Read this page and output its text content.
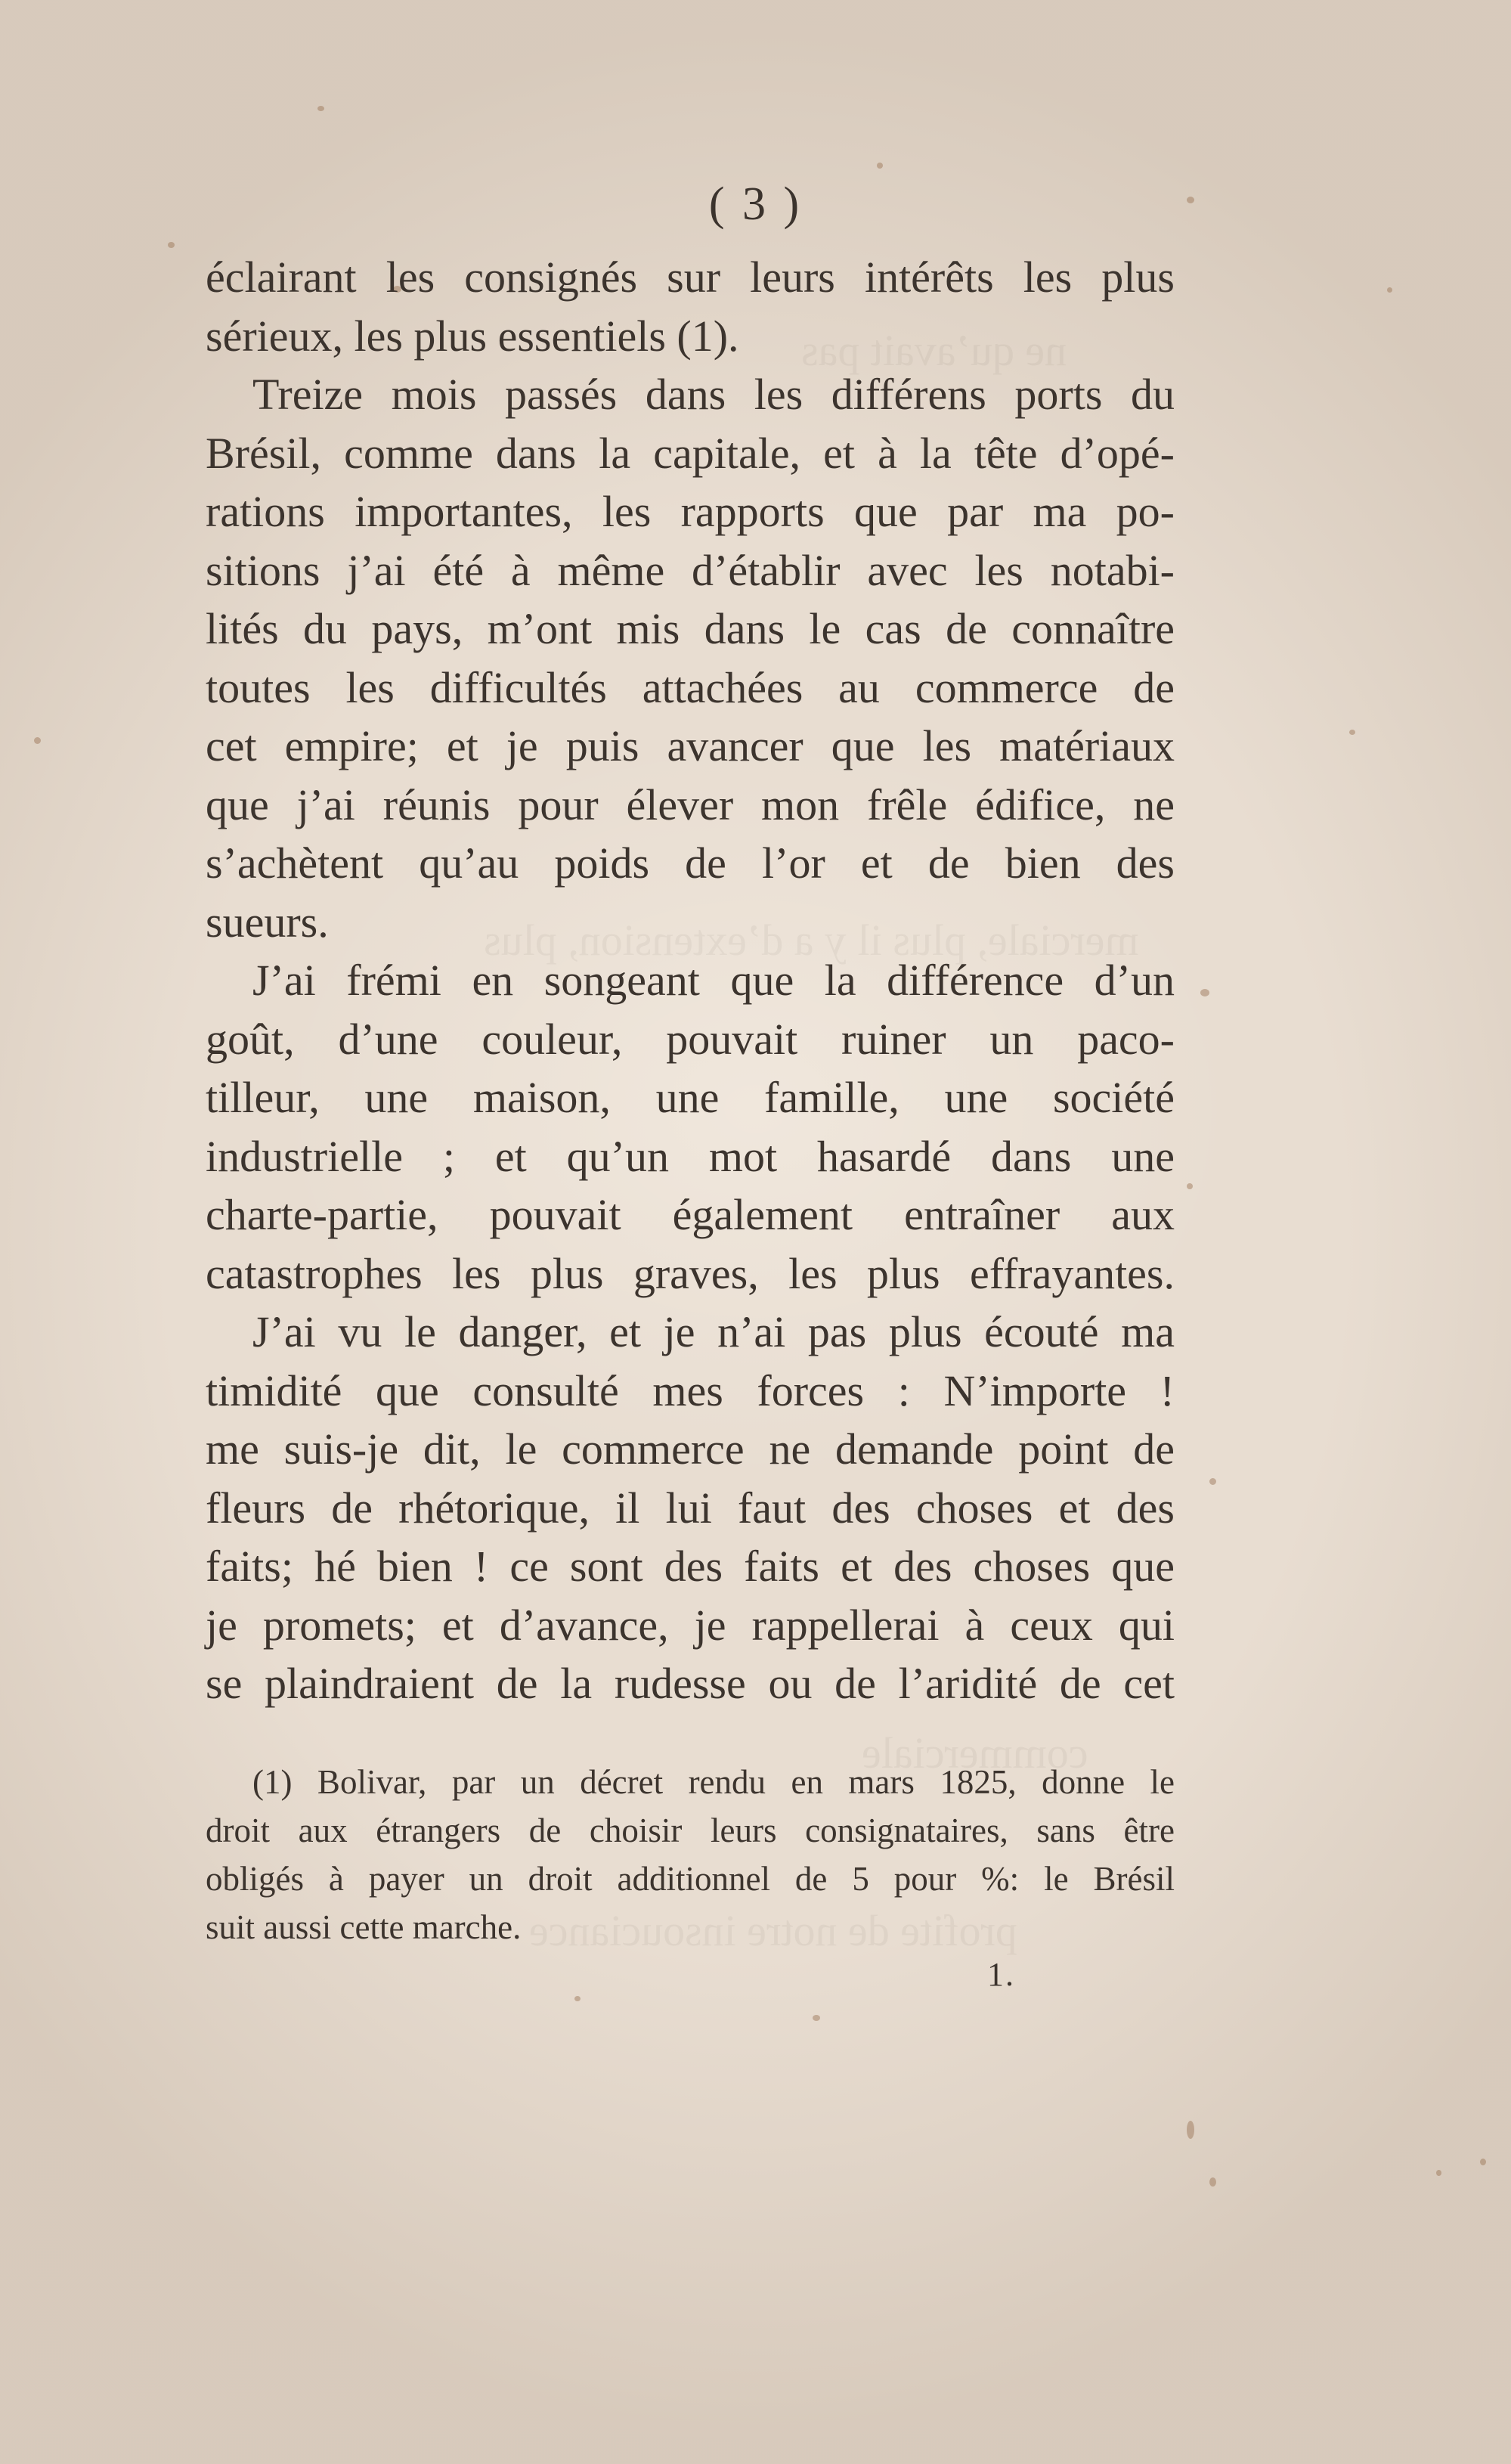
ne qu’avait pas
merciale, plus il y a d’extension, plus
commerciale
profite de notre insouciance
( 3 )
éclairant les consignés sur leurs intérêts les plus
sérieux, les plus essentiels (1).
Treize mois passés dans les différens ports du
Brésil, comme dans la capitale, et à la tête d’opé-
rations importantes, les rapports que par ma po-
sitions j’ai été à même d’établir avec les notabi-
lités du pays, m’ont mis dans le cas de connaître
toutes les difficultés attachées au commerce de
cet empire; et je puis avancer que les matériaux
que j’ai réunis pour élever mon frêle édifice, ne
s’achètent qu’au poids de l’or et de bien des
sueurs.
J’ai frémi en songeant que la différence d’un
goût, d’une couleur, pouvait ruiner un paco-
tilleur, une maison, une famille, une société
industrielle ; et qu’un mot hasardé dans une
charte-partie, pouvait également entraîner aux
catastrophes les plus graves, les plus effrayantes.
J’ai vu le danger, et je n’ai pas plus écouté ma
timidité que consulté mes forces : N’importe !
me suis-je dit, le commerce ne demande point de
fleurs de rhétorique, il lui faut des choses et des
faits; hé bien ! ce sont des faits et des choses que
je promets; et d’avance, je rappellerai à ceux qui
se plaindraient de la rudesse ou de l’aridité de cet
(1) Bolivar, par un décret rendu en mars 1825, donne le
droit aux étrangers de choisir leurs consignataires, sans être
obligés à payer un droit additionnel de 5 pour %: le Brésil
suit aussi cette marche.
1.
